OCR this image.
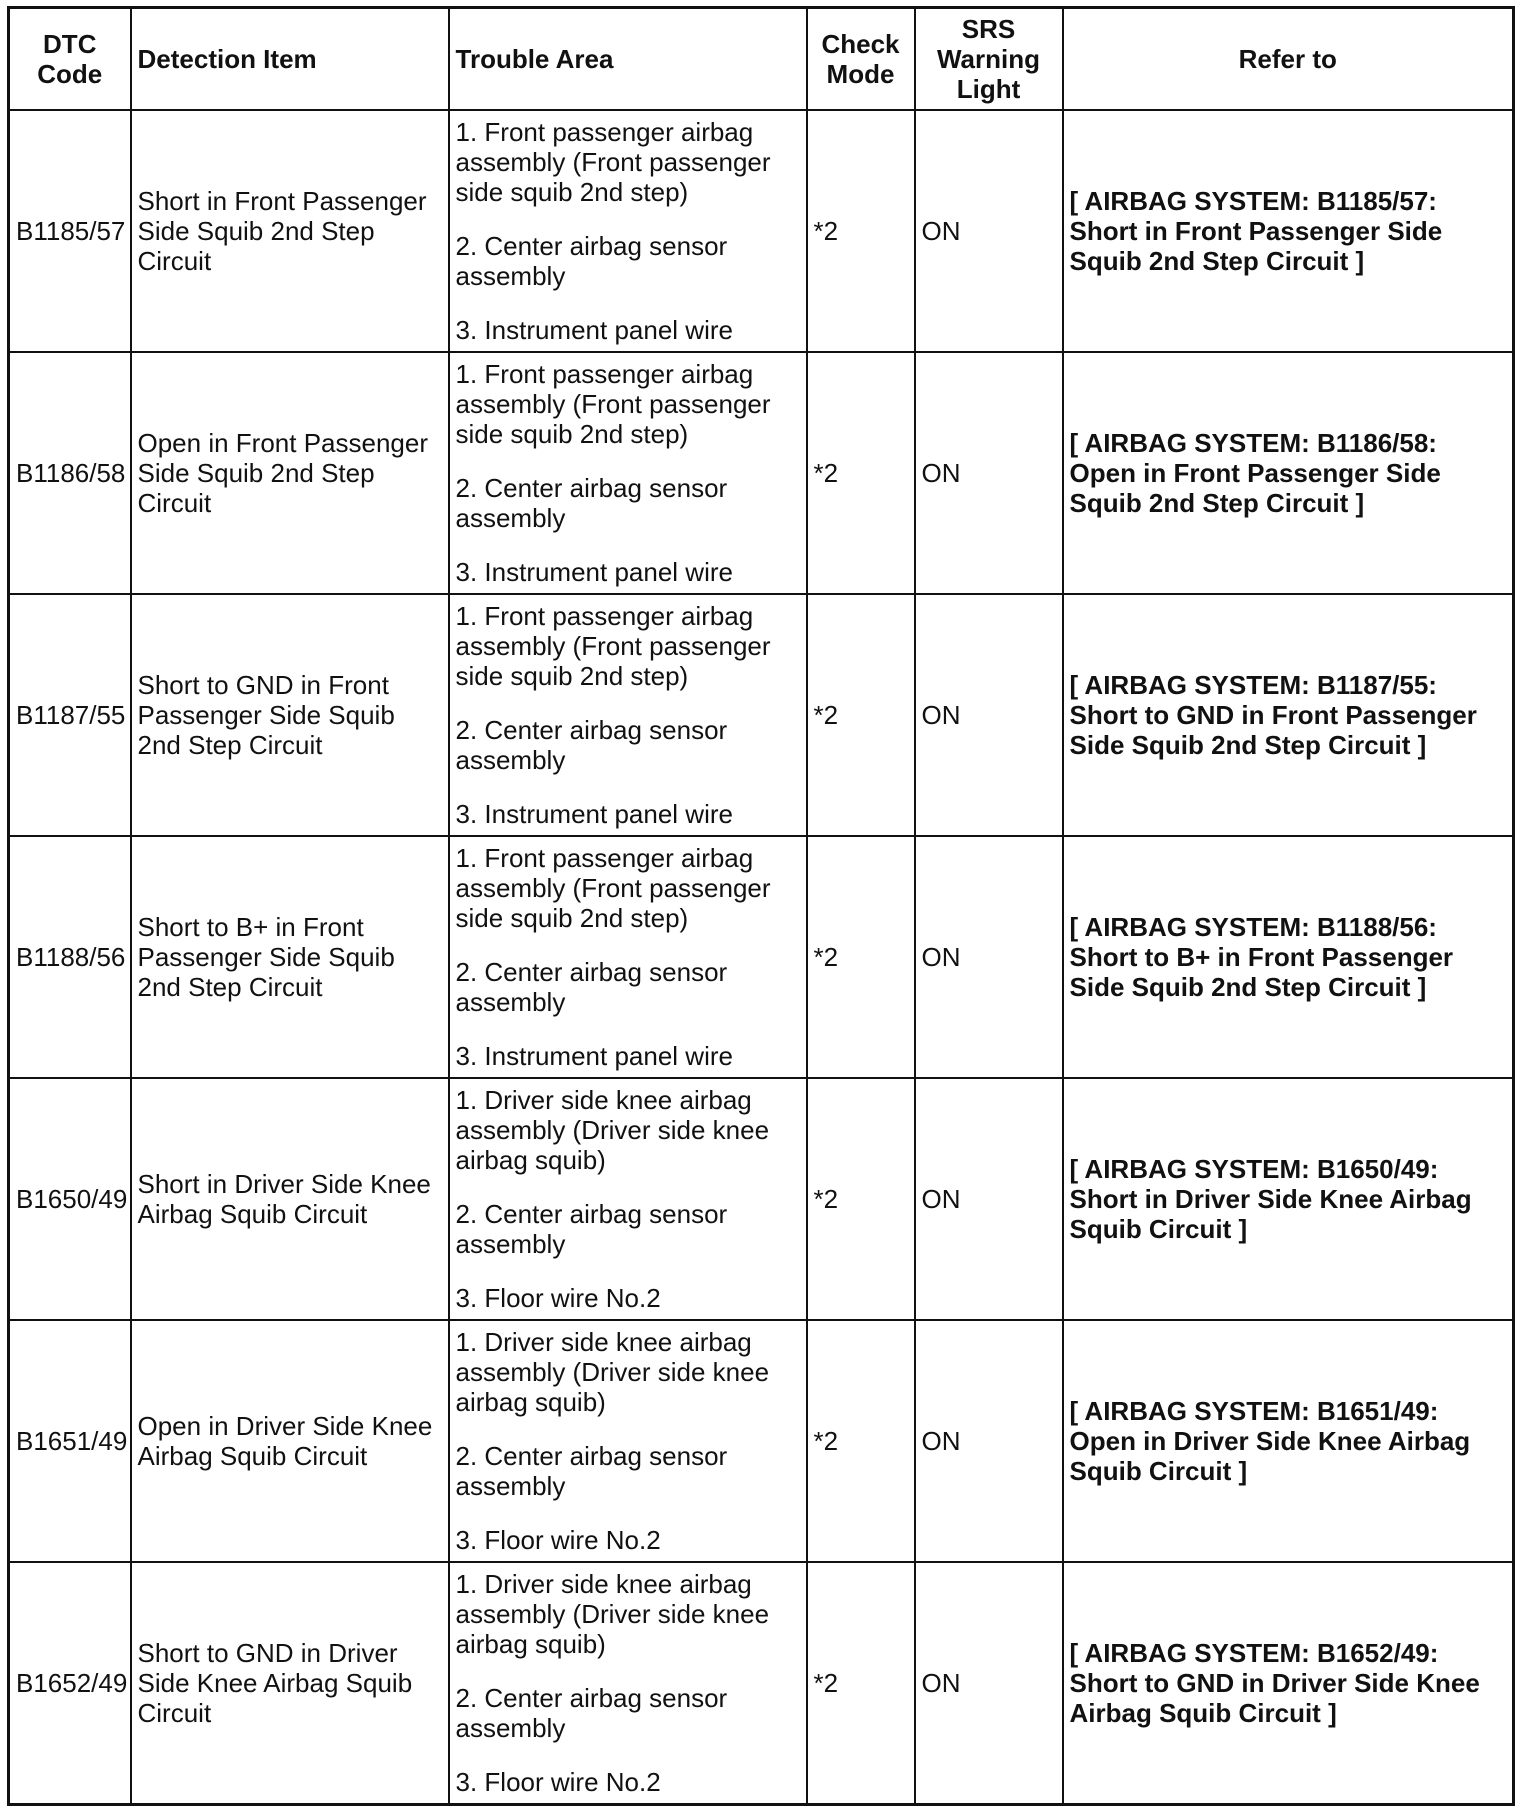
DTC Code	Detection Item	Trouble Area	Check Mode	SRS Warning Light	Refer to
B1185/57	Short in Front Passenger Side Squib 2nd Step Circuit	1. Front passenger airbag assembly (Front passenger side squib 2nd step)
2. Center airbag sensor assembly
3. Instrument panel wire	*2	ON	[ AIRBAG SYSTEM: B1185/57: Short in Front Passenger Side Squib 2nd Step Circuit ]
B1186/58	Open in Front Passenger Side Squib 2nd Step Circuit	1. Front passenger airbag assembly (Front passenger side squib 2nd step)
2. Center airbag sensor assembly
3. Instrument panel wire	*2	ON	[ AIRBAG SYSTEM: B1186/58: Open in Front Passenger Side Squib 2nd Step Circuit ]
B1187/55	Short to GND in Front Passenger Side Squib 2nd Step Circuit	1. Front passenger airbag assembly (Front passenger side squib 2nd step)
2. Center airbag sensor assembly
3. Instrument panel wire	*2	ON	[ AIRBAG SYSTEM: B1187/55: Short to GND in Front Passenger Side Squib 2nd Step Circuit ]
B1188/56	Short to B+ in Front Passenger Side Squib 2nd Step Circuit	1. Front passenger airbag assembly (Front passenger side squib 2nd step)
2. Center airbag sensor assembly
3. Instrument panel wire	*2	ON	[ AIRBAG SYSTEM: B1188/56: Short to B+ in Front Passenger Side Squib 2nd Step Circuit ]
B1650/49	Short in Driver Side Knee Airbag Squib Circuit	1. Driver side knee airbag assembly (Driver side knee airbag squib)
2. Center airbag sensor assembly
3. Floor wire No.2	*2	ON	[ AIRBAG SYSTEM: B1650/49: Short in Driver Side Knee Airbag Squib Circuit ]
B1651/49	Open in Driver Side Knee Airbag Squib Circuit	1. Driver side knee airbag assembly (Driver side knee airbag squib)
2. Center airbag sensor assembly
3. Floor wire No.2	*2	ON	[ AIRBAG SYSTEM: B1651/49: Open in Driver Side Knee Airbag Squib Circuit ]
B1652/49	Short to GND in Driver Side Knee Airbag Squib Circuit	1. Driver side knee airbag assembly (Driver side knee airbag squib)
2. Center airbag sensor assembly
3. Floor wire No.2	*2	ON	[ AIRBAG SYSTEM: B1652/49: Short to GND in Driver Side Knee Airbag Squib Circuit ]
